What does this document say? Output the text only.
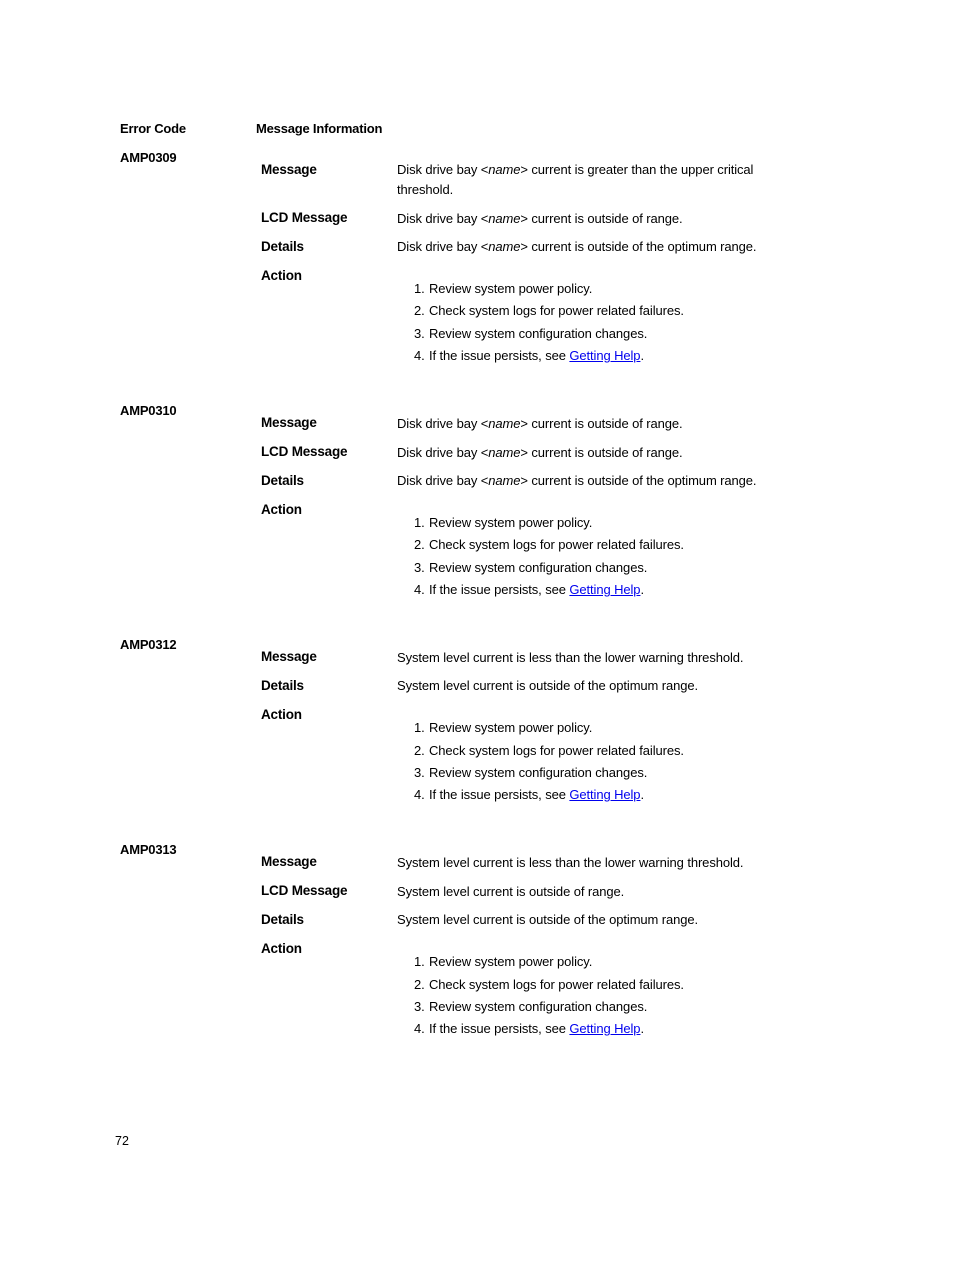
Error Code	Message Information
AMP0309
Message	Disk drive bay <name> current is greater than the upper critical
threshold.
LCD Message	Disk drive bay <name> current is outside of range.
Details	Disk drive bay <name> current is outside of the optimum range.
Action
1. Review system power policy.
2. Check system logs for power related failures.
3. Review system configuration changes.
4. If the issue persists, see Getting Help.
AMP0310
Message	Disk drive bay <name> current is outside of range.
LCD Message	Disk drive bay <name> current is outside of range.
Details	Disk drive bay <name> current is outside of the optimum range.
Action
1. Review system power policy.
2. Check system logs for power related failures.
3. Review system configuration changes.
4. If the issue persists, see Getting Help.
AMP0312
Message	System level current is less than the lower warning threshold.
Details	System level current is outside of the optimum range.
Action
1. Review system power policy.
2. Check system logs for power related failures.
3. Review system configuration changes.
4. If the issue persists, see Getting Help.
AMP0313
Message	System level current is less than the lower warning threshold.
LCD Message	System level current is outside of range.
Details	System level current is outside of the optimum range.
Action
1. Review system power policy.
2. Check system logs for power related failures.
3. Review system configuration changes.
4. If the issue persists, see Getting Help.
72
